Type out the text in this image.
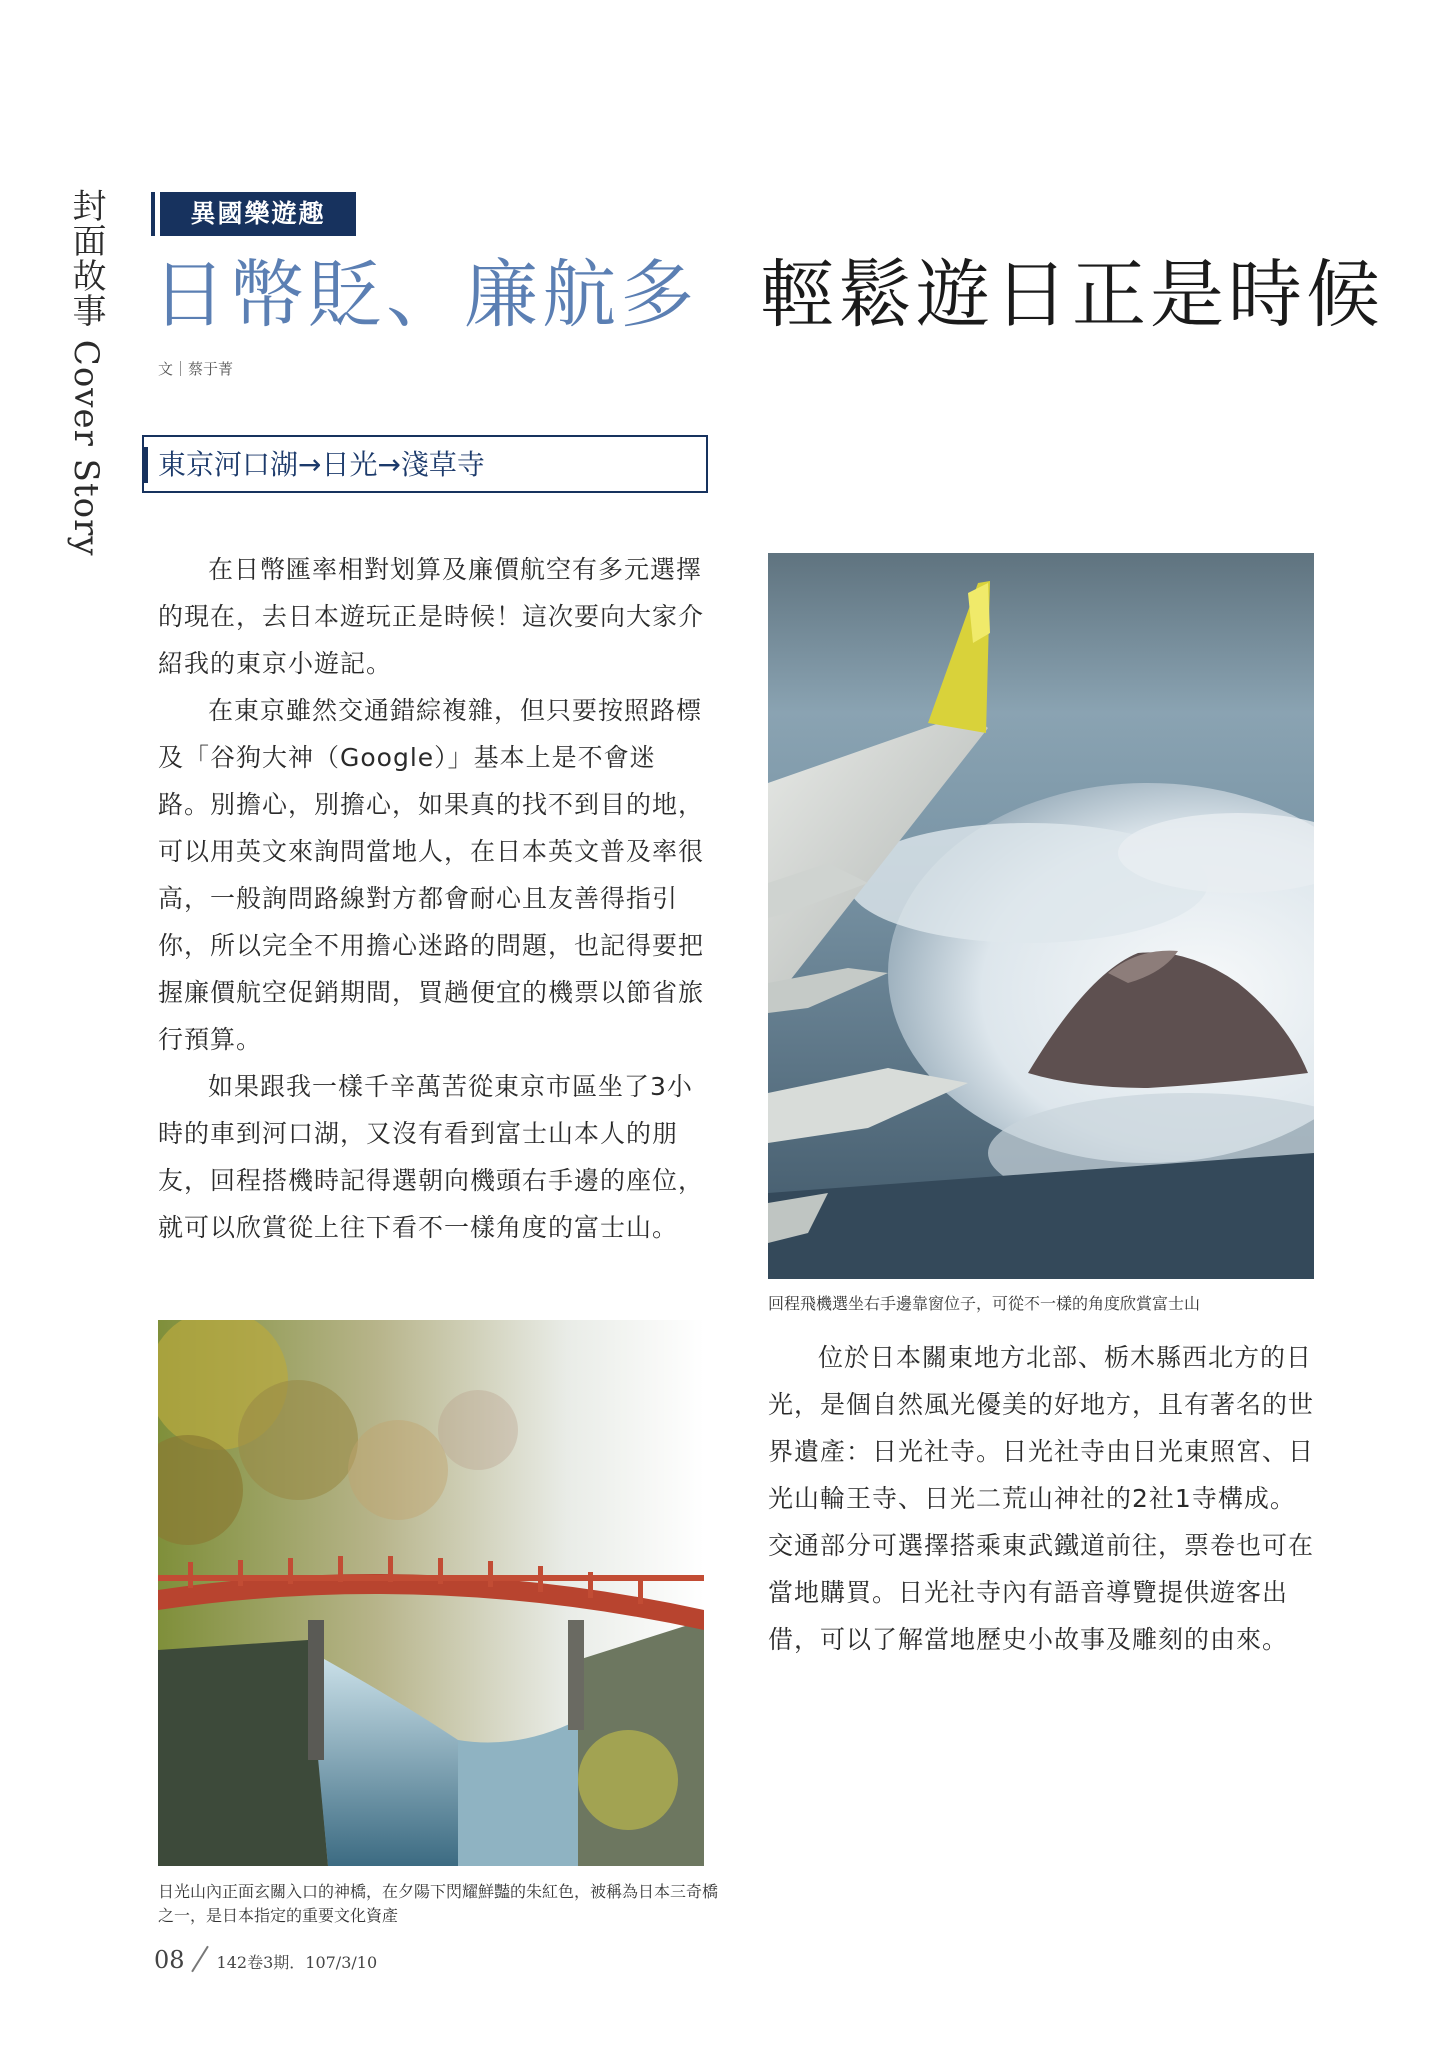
封面故事 Cover Story	異國樂遊趣
日幣貶、廉航多 輕鬆遊日正是時候
文｜蔡于菁
東京河口湖→日光→淺草寺

在日幣匯率相對划算及廉價航空有多元選擇的現在，去日本遊玩正是時候！這次要向大家介紹我的東京小遊記。

在東京雖然交通錯綜複雜，但只要按照路標及「谷狗大神（Google）」基本上是不會迷路。別擔心，別擔心，如果真的找不到目的地，可以用英文來詢問當地人，在日本英文普及率很高，一般詢問路線對方都會耐心且友善得指引你，所以完全不用擔心迷路的問題，也記得要把握廉價航空促銷期間，買趟便宜的機票以節省旅行預算。

如果跟我一樣千辛萬苦從東京市區坐了3小時的車到河口湖，又沒有看到富士山本人的朋友，回程搭機時記得選朝向機頭右手邊的座位，就可以欣賞從上往下看不一樣角度的富士山。

位於日本關東地方北部、栃木縣西北方的日光，是個自然風光優美的好地方，且有著名的世界遺產：日光社寺。日光社寺由日光東照宮、日光山輪王寺、日光二荒山神社的2社1寺構成。交通部分可選擇搭乘東武鐵道前往，票卷也可在當地購買。日光社寺內有語音導覽提供遊客出借，可以了解當地歷史小故事及雕刻的由來。

回程飛機選坐右手邊靠窗位子，可從不一樣的角度欣賞富士山
日光山內正面玄關入口的神橋，在夕陽下閃耀鮮豔的朱紅色，被稱為日本三奇橋之一，是日本指定的重要文化資產
08 142卷3期．107/3/10
